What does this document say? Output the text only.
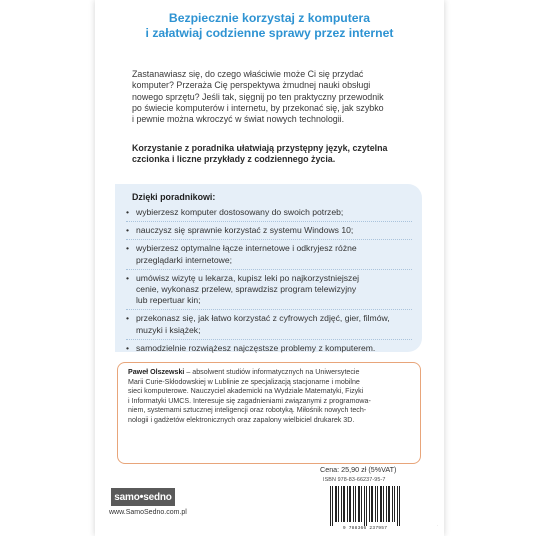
Bezpiecznie korzystaj z komputera
i załatwiaj codzienne sprawy przez internet
Zastanawiasz się, do czego właściwie może Ci się przydać
komputer? Przeraża Cię perspektywa żmudnej nauki obsługi
nowego sprzętu? Jeśli tak, sięgnij po ten praktyczny przewodnik
po świecie komputerów i internetu, by przekonać się, jak szybko
i pewnie można wkroczyć w świat nowych technologii.
Korzystanie z poradnika ułatwiają przystępny język, czytelna
czcionka i liczne przykłady z codziennego życia.
Dzięki poradnikowi:
• wybierzesz komputer dostosowany do swoich potrzeb;
• nauczysz się sprawnie korzystać z systemu Windows 10;
• wybierzesz optymalne łącze internetowe i odkryjesz różne
przeglądarki internetowe;
• umówisz wizytę u lekarza, kupisz leki po najkorzystniejszej
cenie, wykonasz przelew, sprawdzisz program telewizyjny
lub repertuar kin;
• przekonasz się, jak łatwo korzystać z cyfrowych zdjęć, gier, filmów,
muzyki i książek;
• samodzielnie rozwiążesz najczęstsze problemy z komputerem.
Paweł Olszewski – absolwent studiów informatycznych na Uniwersytecie
Marii Curie-Skłodowskiej w Lublinie ze specjalizacją stacjonarne i mobilne
sieci komputerowe. Nauczyciel akademicki na Wydziale Matematyki, Fizyki
i Informatyki UMCS. Interesuje się zagadnieniami związanymi z programowa-
niem, systemami sztucznej inteligencji oraz robotyką. Miłośnik nowych tech-
nologii i gadżetów elektronicznych oraz zapalony wielbiciel drukarek 3D.
Cena: 25,90 zł (5%VAT)
ISBN 978-83-66237-95-7
9 788366 237957
samo•sedno
www.SamoSedno.com.pl
.
